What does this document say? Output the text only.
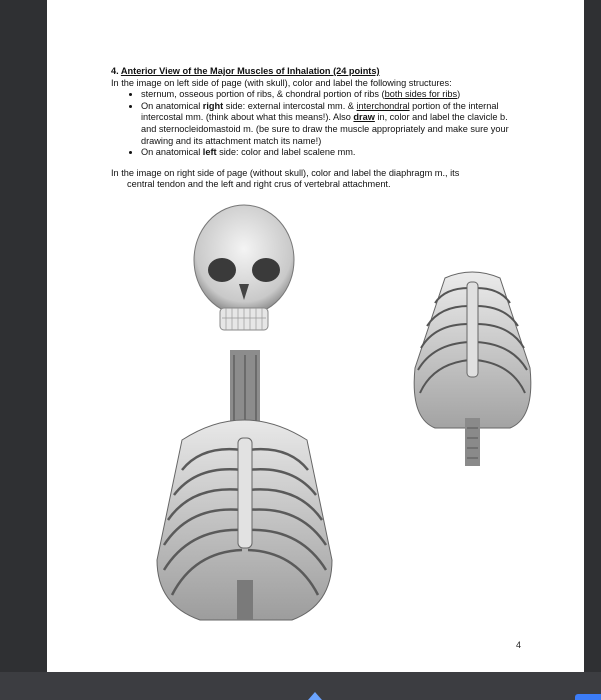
4. Anterior View of the Major Muscles of Inhalation (24 points)
In the image on left side of page (with skull), color and label the following structures:
• sternum, osseous portion of ribs, & chondral portion of ribs (both sides for ribs)
• On anatomical right side: external intercostal mm. & interchondral portion of the internal intercostal mm. (think about what this means!). Also draw in, color and label the clavicle b. and sternocleidomastoid m. (be sure to draw the muscle appropriately and make sure your drawing and its attachment match its name!)
• On anatomical left side: color and label scalene mm.
In the image on right side of page (without skull), color and label the diaphragm m., its
central tendon and the left and right crus of vertebral attachment.
4
